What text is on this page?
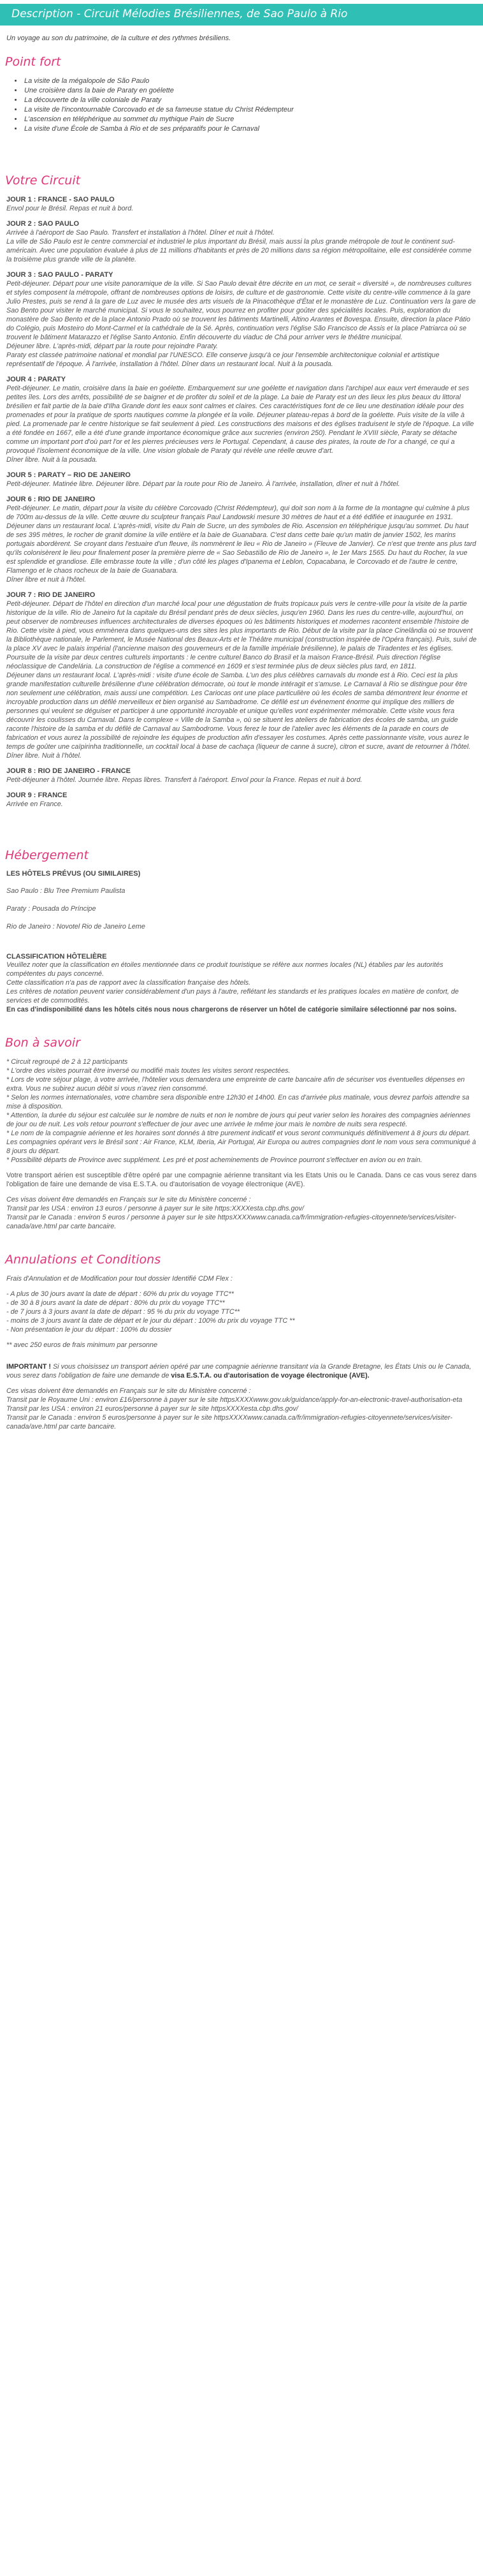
Description - Circuit Mélodies Brésiliennes, de Sao Paulo à Rio
Un voyage au son du patrimoine, de la culture et des rythmes brésiliens.
Point fort
• La visite de la mégalopole de São Paulo
• Une croisière dans la baie de Paraty en goélette
• La découverte de la ville coloniale de Paraty
• La visite de l'incontournable Corcovado et de sa fameuse statue du Christ Rédempteur
• L'ascension en téléphérique au sommet du mythique Pain de Sucre
• La visite d'une École de Samba à Rio et de ses préparatifs pour le Carnaval
Votre Circuit
JOUR 1 : FRANCE - SAO PAULO
Envol pour le Brésil. Repas et nuit à bord.
JOUR 2 : SAO PAULO
Arrivée à l'aéroport de Sao Paulo. Transfert et installation à l'hôtel. Dîner et nuit à l'hôtel.
La ville de São Paulo est le centre commercial et industriel le plus important du Brésil, mais aussi la plus grande métropole de tout le continent sud-américain. Avec une population évaluée à plus de 11 millions d'habitants et près de 20 millions dans sa région métropolitaine, elle est considérée comme la troisième plus grande ville de la planète.
JOUR 3 : SAO PAULO - PARATY
Petit-déjeuner. Départ pour une visite panoramique de la ville. Si Sao Paulo devait être décrite en un mot, ce serait « diversité », de nombreuses cultures et styles composent la métropole, offrant de nombreuses options de loisirs, de culture et de gastronomie. Cette visite du centre-ville commence à la gare Julio Prestes, puis se rend à la gare de Luz avec le musée des arts visuels de la Pinacothèque d'État et le monastère de Luz. Continuation vers la gare de Sao Bento pour visiter le marché municipal. Si vous le souhaitez, vous pourrez en profiter pour goûter des spécialités locales. Puis, exploration du monastère de Sao Bento et de la place Antonio Prado où se trouvent les bâtiments Martinelli, Altino Arantes et Bovespa. Ensuite, direction la place Pátio do Colégio, puis Mosteiro do Mont-Carmel et la cathédrale de la Sé. Après, continuation vers l'église São Francisco de Assis et la place Patriarca où se trouvent le bâtiment Matarazzo et l'église Santo Antonio. Enfin découverte du viaduc de Chá pour arriver vers le théâtre municipal.
Déjeuner libre. L'après-midi, départ par la route pour rejoindre Paraty.
Paraty est classée patrimoine national et mondial par l'UNESCO. Elle conserve jusqu'à ce jour l'ensemble architectonique colonial et artistique représentatif de l'époque. À l'arrivée, installation à l'hôtel. Dîner dans un restaurant local. Nuit à la pousada.
JOUR 4 : PARATY
Petit-déjeuner. Le matin, croisière dans la baie en goélette. Embarquement sur une goélette et navigation dans l'archipel aux eaux vert émeraude et ses petites îles. Lors des arrêts, possibilité de se baigner et de profiter du soleil et de la plage. La baie de Paraty est un des lieux les plus beaux du littoral brésilien et fait partie de la baie d'Ilha Grande dont les eaux sont calmes et claires. Ces caractéristiques font de ce lieu une destination idéale pour des promenades et pour la pratique de sports nautiques comme la plongée et la voile. Déjeuner plateau-repas à bord de la goélette. Puis visite de la ville à pied. La promenade par le centre historique se fait seulement à pied. Les constructions des maisons et des églises traduisent le style de l'époque. La ville a été fondée en 1667, elle a été d'une grande importance économique grâce aux sucreries (environ 250). Pendant le XVIII siècle, Paraty se détache comme un important port d'où part l'or et les pierres précieuses vers le Portugal. Cependant, à cause des pirates, la route de l'or a changé, ce qui a provoqué l'isolement économique de la ville. Une vision globale de Paraty qui révèle une réelle œuvre d'art.
Dîner libre. Nuit à la pousada.
JOUR 5 : PARATY – RIO DE JANEIRO
Petit-déjeuner. Matinée libre. Déjeuner libre. Départ par la route pour Rio de Janeiro. À l'arrivée, installation, dîner et nuit à l'hôtel.
JOUR 6 : RIO DE JANEIRO
Petit-déjeuner. Le matin, départ pour la visite du célèbre Corcovado (Christ Rédempteur), qui doit son nom à la forme de la montagne qui culmine à plus de 700m au-dessus de la ville. Cette œuvre du sculpteur français Paul Landowski mesure 30 mètres de haut et a été édifiée et inaugurée en 1931.
Déjeuner dans un restaurant local. L'après-midi, visite du Pain de Sucre, un des symboles de Rio. Ascension en téléphérique jusqu'au sommet. Du haut de ses 395 mètres, le rocher de granit domine la ville entière et la baie de Guanabara. C'est dans cette baie qu'un matin de janvier 1502, les marins portugais abordèrent. Se croyant dans l'estuaire d'un fleuve, ils nommèrent le lieu « Rio de Janeiro » (Fleuve de Janvier). Ce n'est que trente ans plus tard qu'ils colonisèrent le lieu pour finalement poser la première pierre de « Sao Sebastião de Rio de Janeiro », le 1er Mars 1565. Du haut du Rocher, la vue est splendide et grandiose. Elle embrasse toute la ville ; d'un côté les plages d'Ipanema et Leblon, Copacabana, le Corcovado et de l'autre le centre, Flamengo et le chaos rocheux de la baie de Guanabara.
Dîner libre et nuit à l'hôtel.
JOUR 7 : RIO DE JANEIRO
Petit-déjeuner. Départ de l'hôtel en direction d'un marché local pour une dégustation de fruits tropicaux puis vers le centre-ville pour la visite de la partie historique de la ville. Rio de Janeiro fut la capitale du Brésil pendant près de deux siècles, jusqu'en 1960. Dans les rues du centre-ville, aujourd'hui, on peut observer de nombreuses influences architecturales de diverses époques où les bâtiments historiques et modernes racontent ensemble l'histoire de Rio. Cette visite à pied, vous emmènera dans quelques-uns des sites les plus importants de Rio. Début de la visite par la place Cinelândia où se trouvent la Bibliothèque nationale, le Parlement, le Musée National des Beaux-Arts et le Théâtre municipal (construction inspirée de l'Opéra français). Puis, suivi de la place XV avec le palais impérial (l'ancienne maison des gouverneurs et de la famille impériale brésilienne), le palais de Tiradentes et les églises. Poursuite de la visite par deux centres culturels importants : le centre culturel Banco do Brasil et la maison France-Brésil. Puis direction l'église néoclassique de Candelária. La construction de l'église a commencé en 1609 et s'est terminée plus de deux siècles plus tard, en 1811.
Déjeuner dans un restaurant local. L'après-midi : visite d'une école de Samba. L'un des plus célèbres carnavals du monde est à Rio. Ceci est la plus grande manifestation culturelle brésilienne d'une célébration démocrate, où tout le monde intéragit et s'amuse. Le Carnaval à Rio se distingue pour être non seulement une célébration, mais aussi une compétition. Les Cariocas ont une place particulière où les écoles de samba démontrent leur énorme et incroyable production dans un défilé merveilleux et bien organisé au Sambadrome. Ce défilé est un événement énorme qui implique des milliers de personnes qui veulent se déguiser et participer à une opportunité incroyable et unique qu'elles vont expérimenter mémorable. Cette visite vous fera découvrir les coulisses du Carnaval. Dans le complexe « Ville de la Samba », où se situent les ateliers de fabrication des écoles de samba, un guide raconte l'histoire de la samba et du défilé de Carnaval au Sambodrome. Vous ferez le tour de l'atelier avec les éléments de la parade en cours de fabrication et vous aurez la possibilité de rejoindre les équipes de production afin d'essayer les costumes. Après cette passionnante visite, vous aurez le temps de goûter une caïpirinha traditionnelle, un cocktail local à base de cachaça (liqueur de canne à sucre), citron et sucre, avant de retourner à l'hôtel. Dîner libre. Nuit à l'hôtel.
JOUR 8 : RIO DE JANEIRO - FRANCE
Petit-déjeuner à l'hôtel. Journée libre. Repas libres. Transfert à l'aéroport. Envol pour la France. Repas et nuit à bord.
JOUR 9 : FRANCE
Arrivée en France.
Hébergement
LES HÔTELS PRÉVUS (OU SIMILAIRES)

Sao Paulo : Blu Tree Premium Paulista

Paraty : Pousada do Príncipe

Rio de Janeiro : Novotel Rio de Janeiro Leme

CLASSIFICATION HÔTELIÈRE
Veuillez noter que la classification en étoiles mentionnée dans ce produit touristique se réfère aux normes locales (NL) établies par les autorités compétentes du pays concerné.
Cette classification n'a pas de rapport avec la classification française des hôtels.
Les critères de notation peuvent varier considérablement d'un pays à l'autre, reflétant les standards et les pratiques locales en matière de confort, de services et de commodités.
En cas d'indisponibilité dans les hôtels cités nous nous chargerons de réserver un hôtel de catégorie similaire sélectionné par nos soins.
Bon à savoir
* Circuit regroupé de 2 à 12 participants
* L'ordre des visites pourrait être inversé ou modifié mais toutes les visites seront respectées.
* Lors de votre séjour plage, à votre arrivée, l'hôtelier vous demandera une empreinte de carte bancaire afin de sécuriser vos éventuelles dépenses en extra. Vous ne subirez aucun débit si vous n'avez rien consommé.
* Selon les normes internationales, votre chambre sera disponible entre 12h30 et 14h00. En cas d'arrivée plus matinale, vous devrez parfois attendre sa mise à disposition.
* Attention, la durée du séjour est calculée sur le nombre de nuits et non le nombre de jours qui peut varier selon les horaires des compagnies aériennes de jour ou de nuit. Les vols retour pourront s'effectuer de jour avec une arrivée le même jour mais le nombre de nuits sera respecté.
* Le nom de la compagnie aérienne et les horaires sont donnés à titre purement indicatif et vous seront communiqués définitivement à 8 jours du départ. Les compagnies opérant vers le Brésil sont : Air France, KLM, Iberia, Air Portugal, Air Europa ou autres compagnies dont le nom vous sera communiqué à 8 jours du départ.
* Possibilité départs de Province avec supplément. Les pré et post acheminements de Province pourront s'effectuer en avion ou en train.
Votre transport aérien est susceptible d'être opéré par une compagnie aérienne transitant via les Etats Unis ou le Canada. Dans ce cas vous serez dans l'obligation de faire une demande de visa E.S.T.A. ou d'autorisation de voyage électronique (AVE).
Ces visas doivent être demandés en Français sur le site du Ministère concerné :
Transit par les USA : environ 13 euros / personne à payer sur le site https:XXXXesta.cbp.dhs.gov/
Transit par le Canada : environ 5 euros / personne à payer sur le site httpsXXXXwww.canada.ca/fr/immigration-refugies-citoyennete/services/visiter-canada/ave.html par carte bancaire.
Annulations et Conditions
Frais d'Annulation et de Modification pour tout dossier Identifié CDM Flex :
- A plus de 30 jours avant la date de départ : 60% du prix du voyage TTC**
- de 30 à 8 jours avant la date de départ : 80% du prix du voyage TTC**
- de 7 jours à 3 jours avant la date de départ : 95 % du prix du voyage TTC**
- moins de 3 jours avant la date de départ et le jour du départ : 100% du prix du voyage TTC **
- Non présentation le jour du départ : 100% du dossier
** avec 250 euros de frais minimum par personne
IMPORTANT ! Si vous choisissez un transport aérien opéré par une compagnie aérienne transitant via la Grande Bretagne, les États Unis ou le Canada, vous serez dans l'obligation de faire une demande de visa E.S.T.A. ou d'autorisation de voyage électronique (AVE).
Ces visas doivent être demandés en Français sur le site du Ministère concerné :
Transit par le Royaume Uni : environ £16/personne à payer sur le site httpsXXXXwww.gov.uk/guidance/apply-for-an-electronic-travel-authorisation-eta
Transit par les USA : environ 21 euros/personne à payer sur le site httpsXXXXesta.cbp.dhs.gov/
Transit par le Canada : environ 5 euros/personne à payer sur le site httpsXXXXwww.canada.ca/fr/immigration-refugies-citoyennete/services/visiter-canada/ave.html par carte bancaire.
